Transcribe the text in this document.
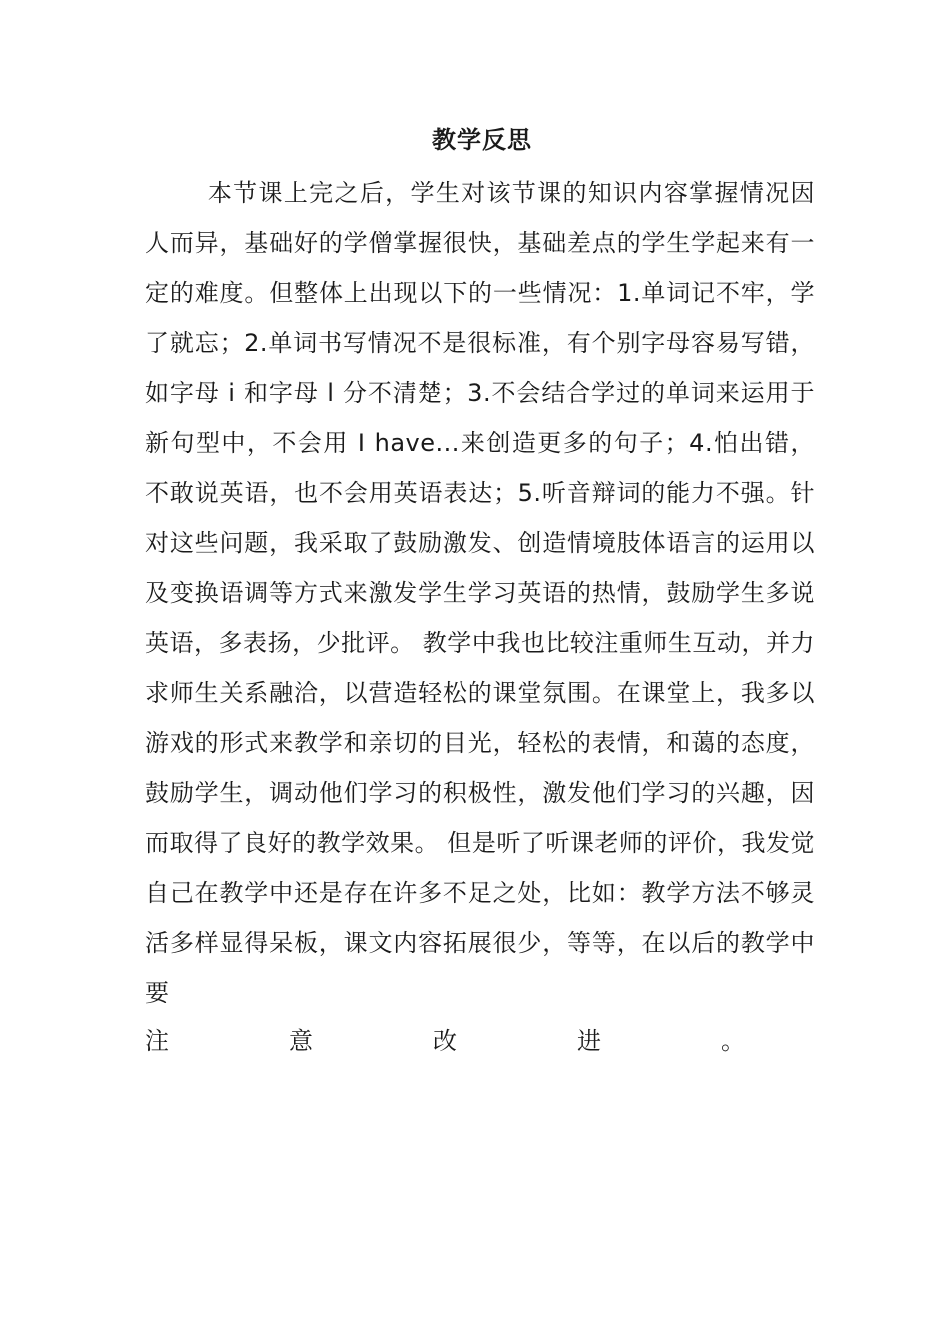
教学反思

本节课上完之后，学生对该节课的知识内容掌握情况因人而异，基础好的学僧掌握很快，基础差点的学生学起来有一定的难度。但整体上出现以下的一些情况：1.单词记不牢，学了就忘；2.单词书写情况不是很标准，有个别字母容易写错，如字母 i 和字母 l 分不清楚；3.不会结合学过的单词来运用于新句型中，不会用 I have...来创造更多的句子；4.怕出错，不敢说英语，也不会用英语表达；5.听音辩词的能力不强。针对这些问题，我采取了鼓励激发、创造情境肢体语言的运用以及变换语调等方式来激发学生学习英语的热情，鼓励学生多说英语，多表扬，少批评。 教学中我也比较注重师生互动，并力求师生关系融洽，以营造轻松的课堂氛围。在课堂上，我多以游戏的形式来教学和亲切的目光，轻松的表情，和蔼的态度，鼓励学生，调动他们学习的积极性，激发他们学习的兴趣，因而取得了良好的教学效果。 但是听了听课老师的评价，我发觉自己在教学中还是存在许多不足之处，比如：教学方法不够灵活多样显得呆板，课文内容拓展很少，等等，在以后的教学中要

注	意	改	进	。
